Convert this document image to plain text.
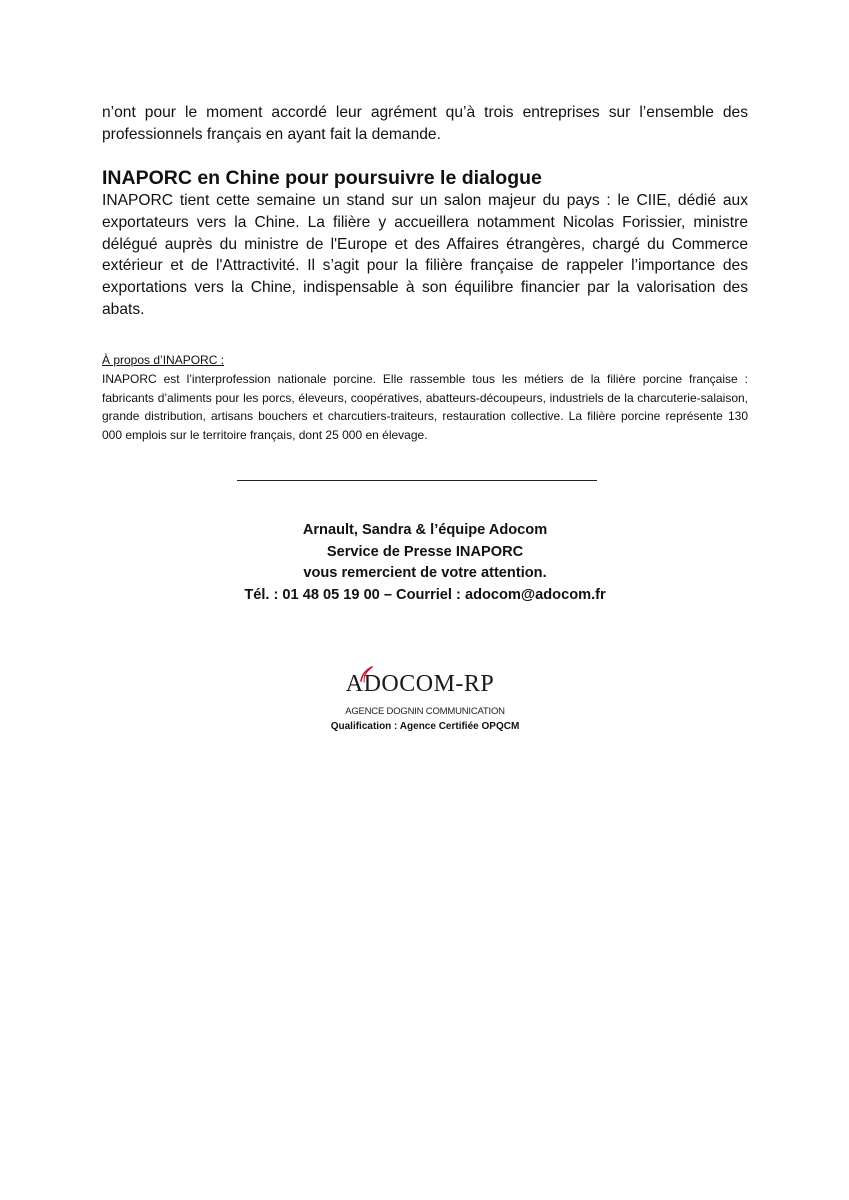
n’ont pour le moment accordé leur agrément qu’à trois entreprises sur l’ensemble des professionnels français en ayant fait la demande.

INAPORC en Chine pour poursuivre le dialogue

INAPORC tient cette semaine un stand sur un salon majeur du pays : le CIIE, dédié aux exportateurs vers la Chine. La filière y accueillera notamment Nicolas Forissier, ministre délégué auprès du ministre de l'Europe et des Affaires étrangères, chargé du Commerce extérieur et de l'Attractivité. Il s’agit pour la filière française de rappeler l’importance des exportations vers la Chine, indispensable à son équilibre financier par la valorisation des abats.

À propos d’INAPORC :

INAPORC est l’interprofession nationale porcine. Elle rassemble tous les métiers de la filière porcine française : fabricants d’aliments pour les porcs, éleveurs, coopératives, abatteurs-découpeurs, industriels de la charcuterie-salaison, grande distribution, artisans bouchers et charcutiers-traiteurs, restauration collective. La filière porcine représente 130 000 emplois sur le territoire français, dont 25 000 en élevage.

Arnault, Sandra & l’équipe Adocom
Service de Presse INAPORC
vous remercient de votre attention.
Tél. : 01 48 05 19 00 – Courriel : adocom@adocom.fr
ADOCOM-RP
AGENCE DOGNIN COMMUNICATION
Qualification : Agence Certifiée OPQCM
